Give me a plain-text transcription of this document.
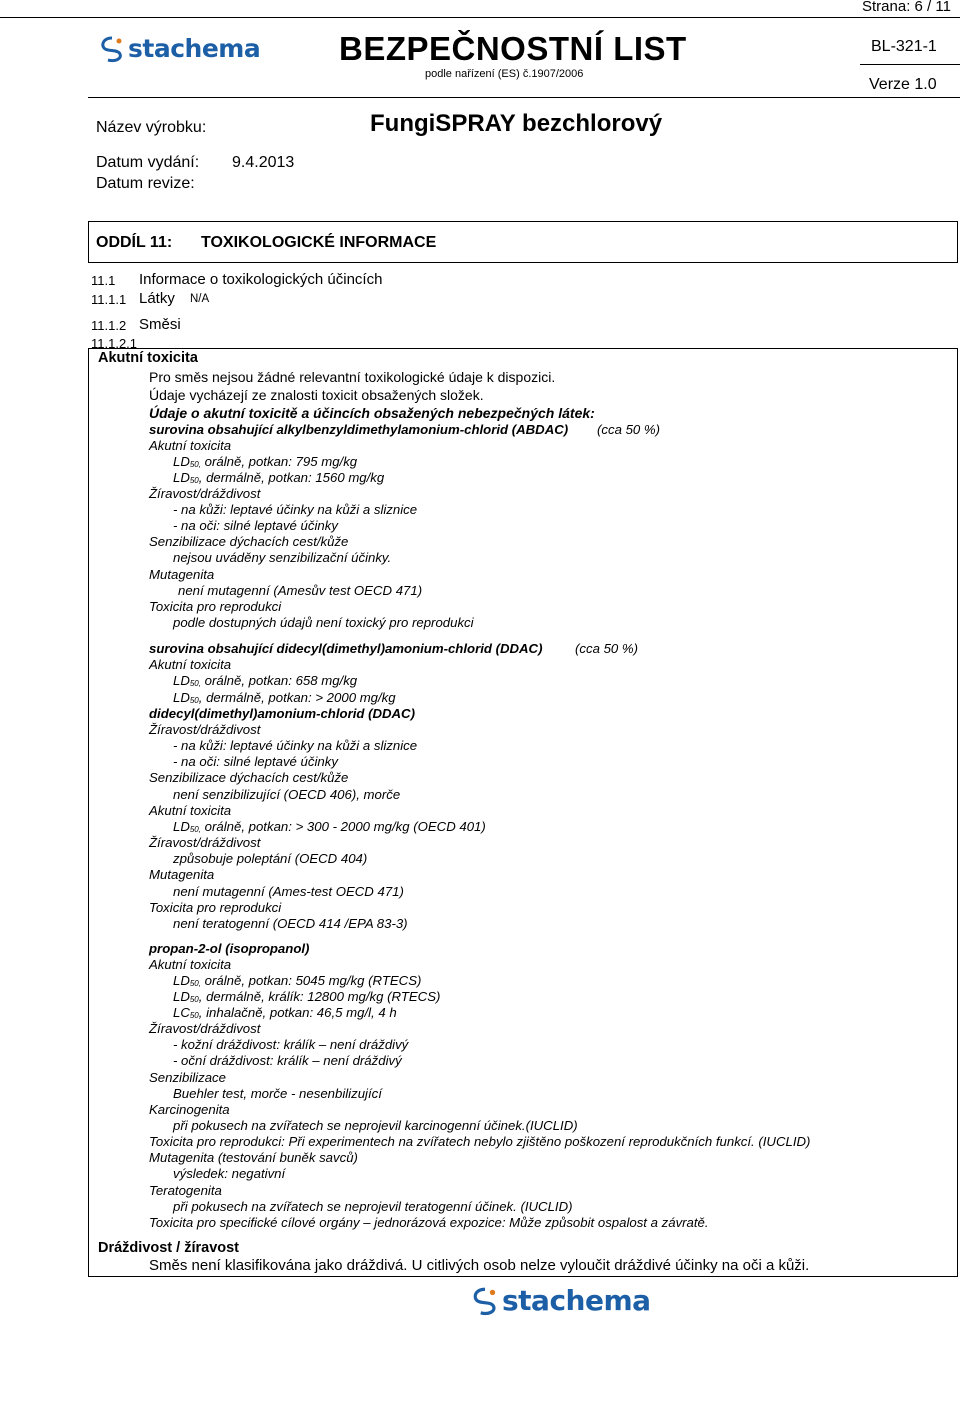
Strana: 6 / 11
stachema BEZPEČNOSTNÍ LIST
podle nařízení (ES) č.1907/2006
BL-321-1
Verze 1.0
Název výrobku:	FungiSPRAY bezchlorový
Datum vydání: 9.4.2013
Datum revize:
ODDÍL 11: TOXIKOLOGICKÉ INFORMACE
11.1 Informace o toxikologických účincích
11.1.1 Látky N/A
11.1.2 Směsi
11.1.2.1
Akutní toxicita
Pro směs nejsou žádné relevantní toxikologické údaje k dispozici.
Údaje vycházejí ze znalosti toxicit obsažených složek.
Údaje o akutní toxicitě a účincích obsažených nebezpečných látek:
surovina obsahující alkylbenzyldimethylamonium-chlorid (ABDAC) (cca 50 %)
Akutní toxicita
$LD_{50,}$ orálně, potkan: 795 mg/kg
$LD_{50}$, dermálně, potkan: 1560 mg/kg
Žíravost/dráždivost
- na kůži: leptavé účinky na kůži a sliznice
- na oči: silné leptavé účinky
Senzibilizace dýchacích cest/kůže
nejsou uváděny senzibilizační účinky.
Mutagenita
není mutagenní (Amesův test OECD 471)
Toxicita pro reprodukci
podle dostupných údajů není toxický pro reprodukci
surovina obsahující didecyl(dimethyl)amonium-chlorid (DDAC) (cca 50 %)
Akutní toxicita
$LD_{50,}$ orálně, potkan: 658 mg/kg
$LD_{50}$, dermálně, potkan: > 2000 mg/kg
didecyl(dimethyl)amonium-chlorid (DDAC)
Žíravost/dráždivost
- na kůži: leptavé účinky na kůži a sliznice
- na oči: silné leptavé účinky
Senzibilizace dýchacích cest/kůže
není senzibilizující (OECD 406), morče
Akutní toxicita
$LD_{50,}$ orálně, potkan: > 300 - 2000 mg/kg (OECD 401)
Žíravost/dráždivost
způsobuje poleptání (OECD 404)
Mutagenita
není mutagenní (Ames-test OECD 471)
Toxicita pro reprodukci
není teratogenní (OECD 414 /EPA 83-3)
propan-2-ol (isopropanol)
Akutní toxicita
$LD_{50,}$ orálně, potkan: 5045 mg/kg (RTECS)
$LD_{50}$, dermálně, králík: 12800 mg/kg (RTECS)
$LC_{50}$, inhalačně, potkan: 46,5 mg/l, 4 h
Žíravost/dráždivost
- kožní dráždivost: králík – není dráždivý
- oční dráždivost: králík – není dráždivý
Senzibilizace
Buehler test, morče - nesenbilizující
Karcinogenita
při pokusech na zvířatech se neprojevil karcinogenní účinek.(IUCLID)
Toxicita pro reprodukci: Při experimentech na zvířatech nebylo zjištěno poškození reprodukčních funkcí. (IUCLID)
Mutagenita (testování buněk savců)
výsledek: negativní
Teratogenita
při pokusech na zvířatech se neprojevil teratogenní účinek. (IUCLID)
Toxicita pro specifické cílové orgány – jednorázová expozice: Může způsobit ospalost a závratě.
Dráždivost / žíravost
Směs není klasifikována jako dráždivá. U citlivých osob nelze vyloučit dráždivé účinky na oči a kůži.
stachema
